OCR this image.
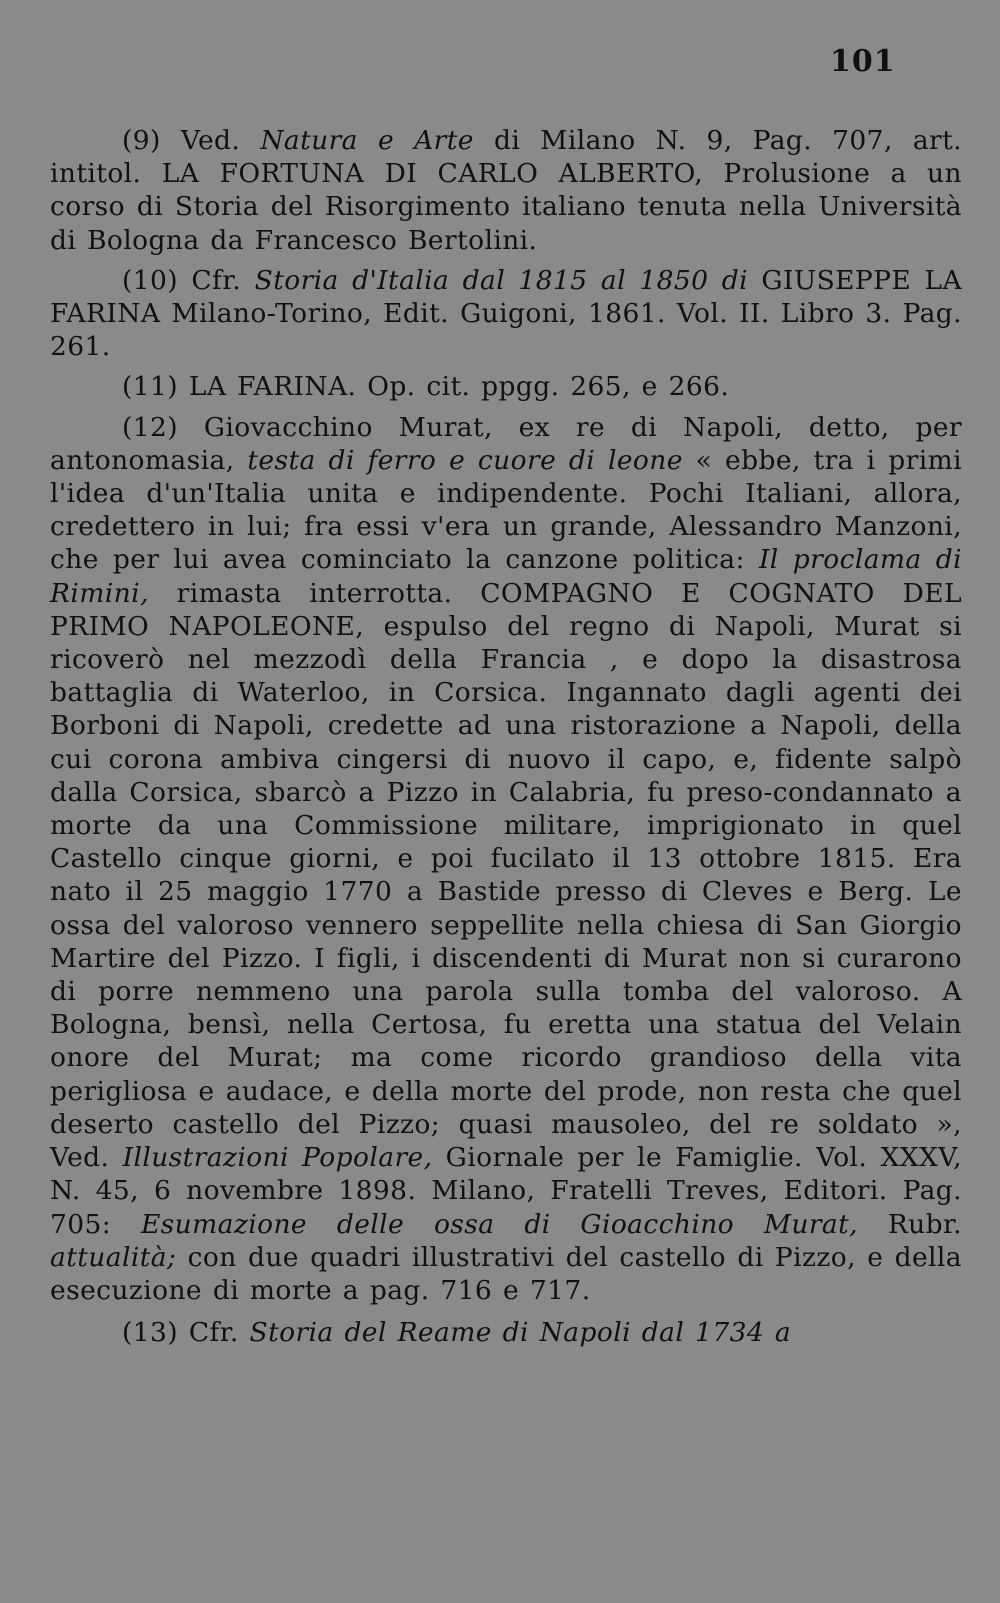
101

(9) Ved. Natura e Arte di Milano N. 9, Pag. 707, art. intitol. LA FORTUNA DI CARLO ALBERTO, Prolusione a un corso di Storia del Risorgimento italiano tenuta nella Università di Bologna da Francesco Bertolini.

(10) Cfr. Storia d'Italia dal 1815 al 1850 di GIUSEPPE LA FARINA Milano-Torino, Edit. Guigoni, 1861. Vol. II. Libro 3. Pag. 261.

(11) LA FARINA. Op. cit. ppgg. 265, e 266.

(12) Giovacchino Murat, ex re di Napoli, detto, per antonomasia, testa di ferro e cuore di leone « ebbe, tra i primi l'idea d'un'Italia unita e indipendente. Pochi Italiani, allora, credettero in lui; fra essi v'era un grande, Alessandro Manzoni, che per lui avea cominciato la canzone politica: Il proclama di Rimini, rimasta interrotta. COMPAGNO E COGNATO DEL PRIMO NAPOLEONE, espulso del regno di Napoli, Murat si ricoverò nel mezzodì della Francia , e dopo la disastrosa battaglia di Waterloo, in Corsica. Ingannato dagli agenti dei Borboni di Napoli, credette ad una ristorazione a Napoli, della cui corona ambiva cingersi di nuovo il capo, e, fidente salpò dalla Corsica, sbarcò a Pizzo in Calabria, fu preso-condannato a morte da una Commissione militare, imprigionato in quel Castello cinque giorni, e poi fucilato il 13 ottobre 1815. Era nato il 25 maggio 1770 a Bastide presso di Cleves e Berg. Le ossa del valoroso vennero seppellite nella chiesa di San Giorgio Martire del Pizzo. I figli, i discendenti di Murat non si curarono di porre nemmeno una parola sulla tomba del valoroso. A Bologna, bensì, nella Certosa, fu eretta una statua del Velain onore del Murat; ma come ricordo grandioso della vita perigliosa e audace, e della morte del prode, non resta che quel deserto castello del Pizzo; quasi mausoleo, del re soldato », Ved. Illustrazioni Popolare, Giornale per le Famiglie. Vol. XXXV, N. 45, 6 novembre 1898. Milano, Fratelli Treves, Editori. Pag. 705: Esumazione delle ossa di Gioacchino Murat, Rubr. attualità; con due quadri illustrativi del castello di Pizzo, e della esecuzione di morte a pag. 716 e 717.

(13) Cfr. Storia del Reame di Napoli dal 1734 a
